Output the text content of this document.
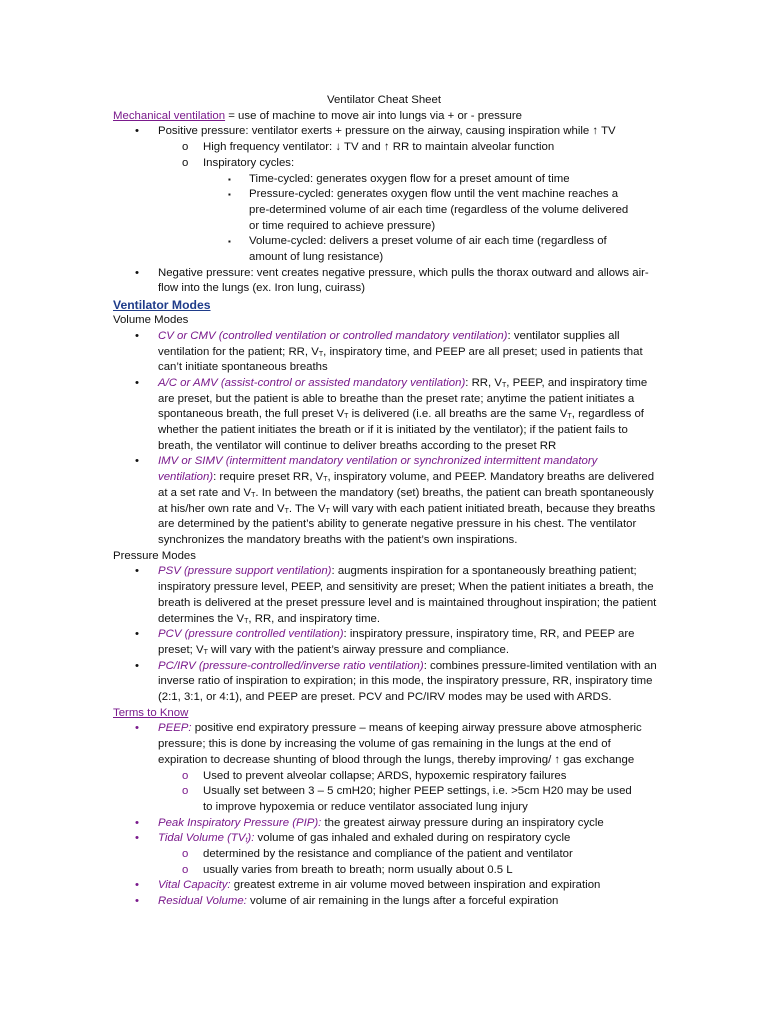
Ventilator Cheat Sheet

Mechanical ventilation = use of machine to move air into lungs via + or - pressure

• Positive pressure: ventilator exerts + pressure on the airway, causing inspiration while ↑ TV
o High frequency ventilator: ↓ TV and ↑ RR to maintain alveolar function
o Inspiratory cycles:
▪ Time-cycled: generates oxygen flow for a preset amount of time
▪ Pressure-cycled: generates oxygen flow until the vent machine reaches a pre-determined volume of air each time (regardless of the volume delivered or time required to achieve pressure)
▪ Volume-cycled: delivers a preset volume of air each time (regardless of amount of lung resistance)
• Negative pressure: vent creates negative pressure, which pulls the thorax outward and allows air-flow into the lungs (ex. Iron lung, cuirass)

Ventilator Modes

Volume Modes

• CV or CMV (controlled ventilation or controlled mandatory ventilation): ventilator supplies all ventilation for the patient; RR, $V_T$, inspiratory time, and PEEP are all preset; used in patients that can’t initiate spontaneous breaths
• A/C or AMV (assist-control or assisted mandatory ventilation): RR, $V_T$, PEEP, and inspiratory time are preset, but the patient is able to breathe than the preset rate; anytime the patient initiates a spontaneous breath, the full preset $V_T$ is delivered (i.e. all breaths are the same $V_T$, regardless of whether the patient initiates the breath or if it is initiated by the ventilator); if the patient fails to breath, the ventilator will continue to deliver breaths according to the preset RR
• IMV or SIMV (intermittent mandatory ventilation or synchronized intermittent mandatory ventilation): require preset RR, $V_T$, inspiratory volume, and PEEP. Mandatory breaths are delivered at a set rate and $V_T$. In between the mandatory (set) breaths, the patient can breath spontaneously at his/her own rate and $V_T$. The $V_T$ will vary with each patient initiated breath, because they breaths are determined by the patient’s ability to generate negative pressure in his chest. The ventilator synchronizes the mandatory breaths with the patient’s own inspirations.

Pressure Modes

• PSV (pressure support ventilation): augments inspiration for a spontaneously breathing patient; inspiratory pressure level, PEEP, and sensitivity are preset; When the patient initiates a breath, the breath is delivered at the preset pressure level and is maintained throughout inspiration; the patient determines the $V_T$, RR, and inspiratory time.
• PCV (pressure controlled ventilation): inspiratory pressure, inspiratory time, RR, and PEEP are preset; $V_T$ will vary with the patient’s airway pressure and compliance.
• PC/IRV (pressure-controlled/inverse ratio ventilation): combines pressure-limited ventilation with an inverse ratio of inspiration to expiration; in this mode, the inspiratory pressure, RR, inspiratory time (2:1, 3:1, or 4:1), and PEEP are preset. PCV and PC/IRV modes may be used with ARDS.

Terms to Know

• PEEP: positive end expiratory pressure – means of keeping airway pressure above atmospheric pressure; this is done by increasing the volume of gas remaining in the lungs at the end of expiration to decrease shunting of blood through the lungs, thereby improving/ ↑ gas exchange
o Used to prevent alveolar collapse; ARDS, hypoxemic respiratory failures
o Usually set between 3 – 5 cmH20; higher PEEP settings, i.e. >5cm H20 may be used to improve hypoxemia or reduce ventilator associated lung injury
• Peak Inspiratory Pressure (PIP): the greatest airway pressure during an inspiratory cycle
• Tidal Volume $(TV_t)$: volume of gas inhaled and exhaled during on respiratory cycle
o determined by the resistance and compliance of the patient and ventilator
o usually varies from breath to breath; norm usually about 0.5 L
• Vital Capacity: greatest extreme in air volume moved between inspiration and expiration
• Residual Volume: volume of air remaining in the lungs after a forceful expiration
